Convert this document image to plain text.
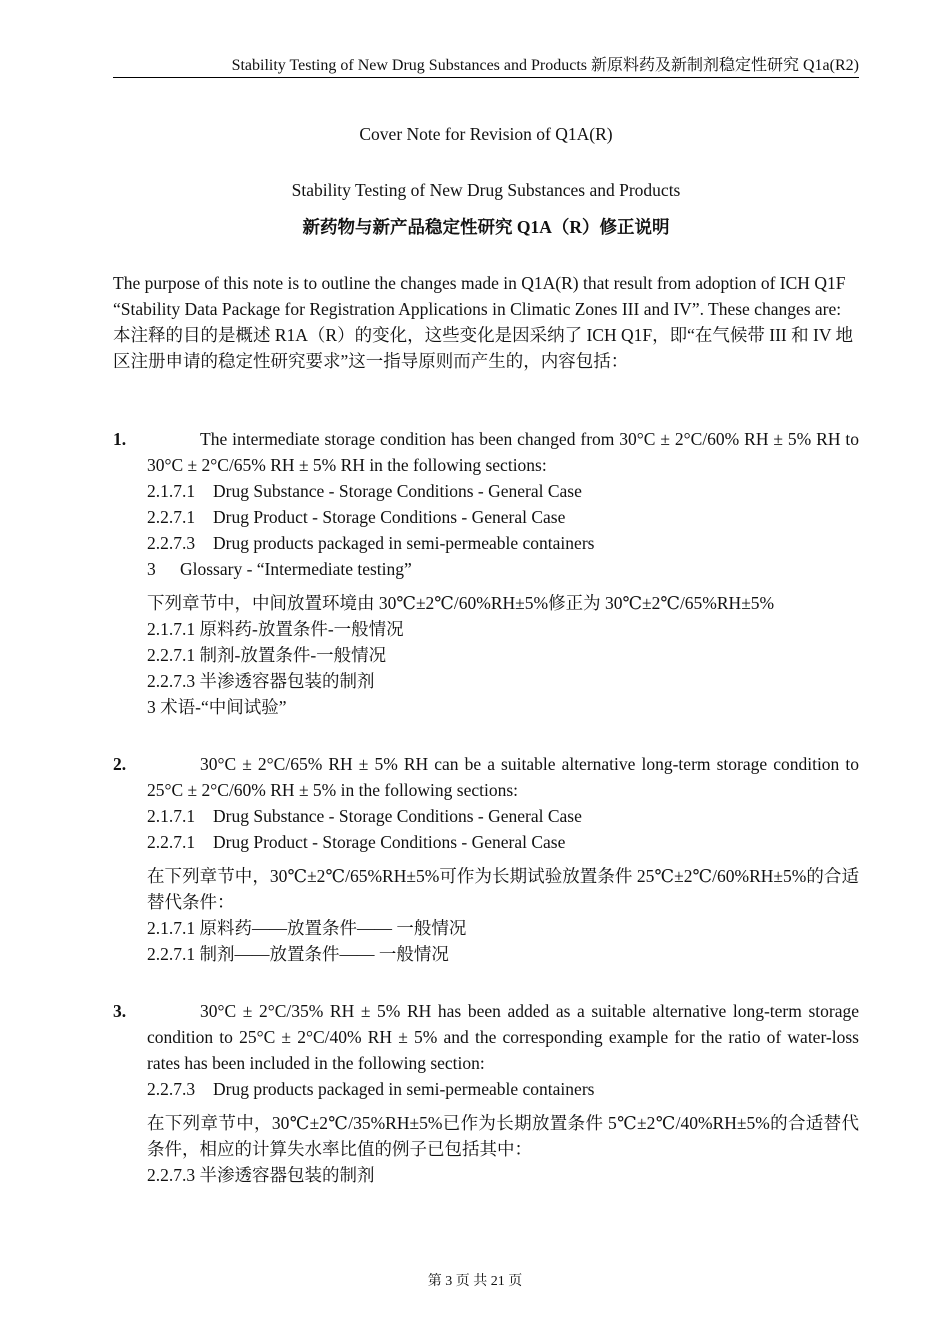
Stability Testing of New Drug Substances and Products 新原料药及新制剂稳定性研究 Q1a(R2)
Cover Note for Revision of Q1A(R)
Stability Testing of New Drug Substances and Products
新药物与新产品稳定性研究 Q1A（R）修正说明
The purpose of this note is to outline the changes made in Q1A(R) that result from adoption of ICH Q1F “Stability Data Package for Registration Applications in Climatic Zones III and IV”. These changes are:
本注释的目的是概述 R1A（R）的变化，这些变化是因采纳了 ICH Q1F，即“在气候带 III 和 IV 地区注册申请的稳定性研究要求”这一指导原则而产生的，内容包括：
1.	The intermediate storage condition has been changed from 30°C ± 2°C/60% RH ± 5% RH to 30°C ± 2°C/65% RH ± 5% RH in the following sections:
2.1.7.1 Drug Substance - Storage Conditions - General Case
2.2.7.1 Drug Product - Storage Conditions - General Case
2.2.7.3 Drug products packaged in semi-permeable containers
3 Glossary - “Intermediate testing”
下列章节中，中间放置环境由 30℃±2℃/60%RH±5%修正为 30℃±2℃/65%RH±5%
2.1.7.1 原料药-放置条件-一般情况
2.2.7.1 制剂-放置条件-一般情况
2.2.7.3 半渗透容器包装的制剂
3 术语-“中间试验”
2.	30°C ± 2°C/65% RH ± 5% RH can be a suitable alternative long-term storage condition to 25°C ± 2°C/60% RH ± 5% in the following sections:
2.1.7.1 Drug Substance - Storage Conditions - General Case
2.2.7.1 Drug Product - Storage Conditions - General Case
在下列章节中，30℃±2℃/65%RH±5%可作为长期试验放置条件 25℃±2℃/60%RH±5%的合适替代条件：
2.1.7.1 原料药——放置条件—— 一般情况
2.2.7.1 制剂——放置条件—— 一般情况
3.	30°C ± 2°C/35% RH ± 5% RH has been added as a suitable alternative long-term storage condition to 25°C ± 2°C/40% RH ± 5% and the corresponding example for the ratio of water-loss rates has been included in the following section:
2.2.7.3 Drug products packaged in semi-permeable containers
在下列章节中，30℃±2℃/35%RH±5%已作为长期放置条件 5℃±2℃/40%RH±5%的合适替代条件，相应的计算失水率比值的例子已包括其中：
2.2.7.3 半渗透容器包装的制剂
第 3 页 共 21 页
